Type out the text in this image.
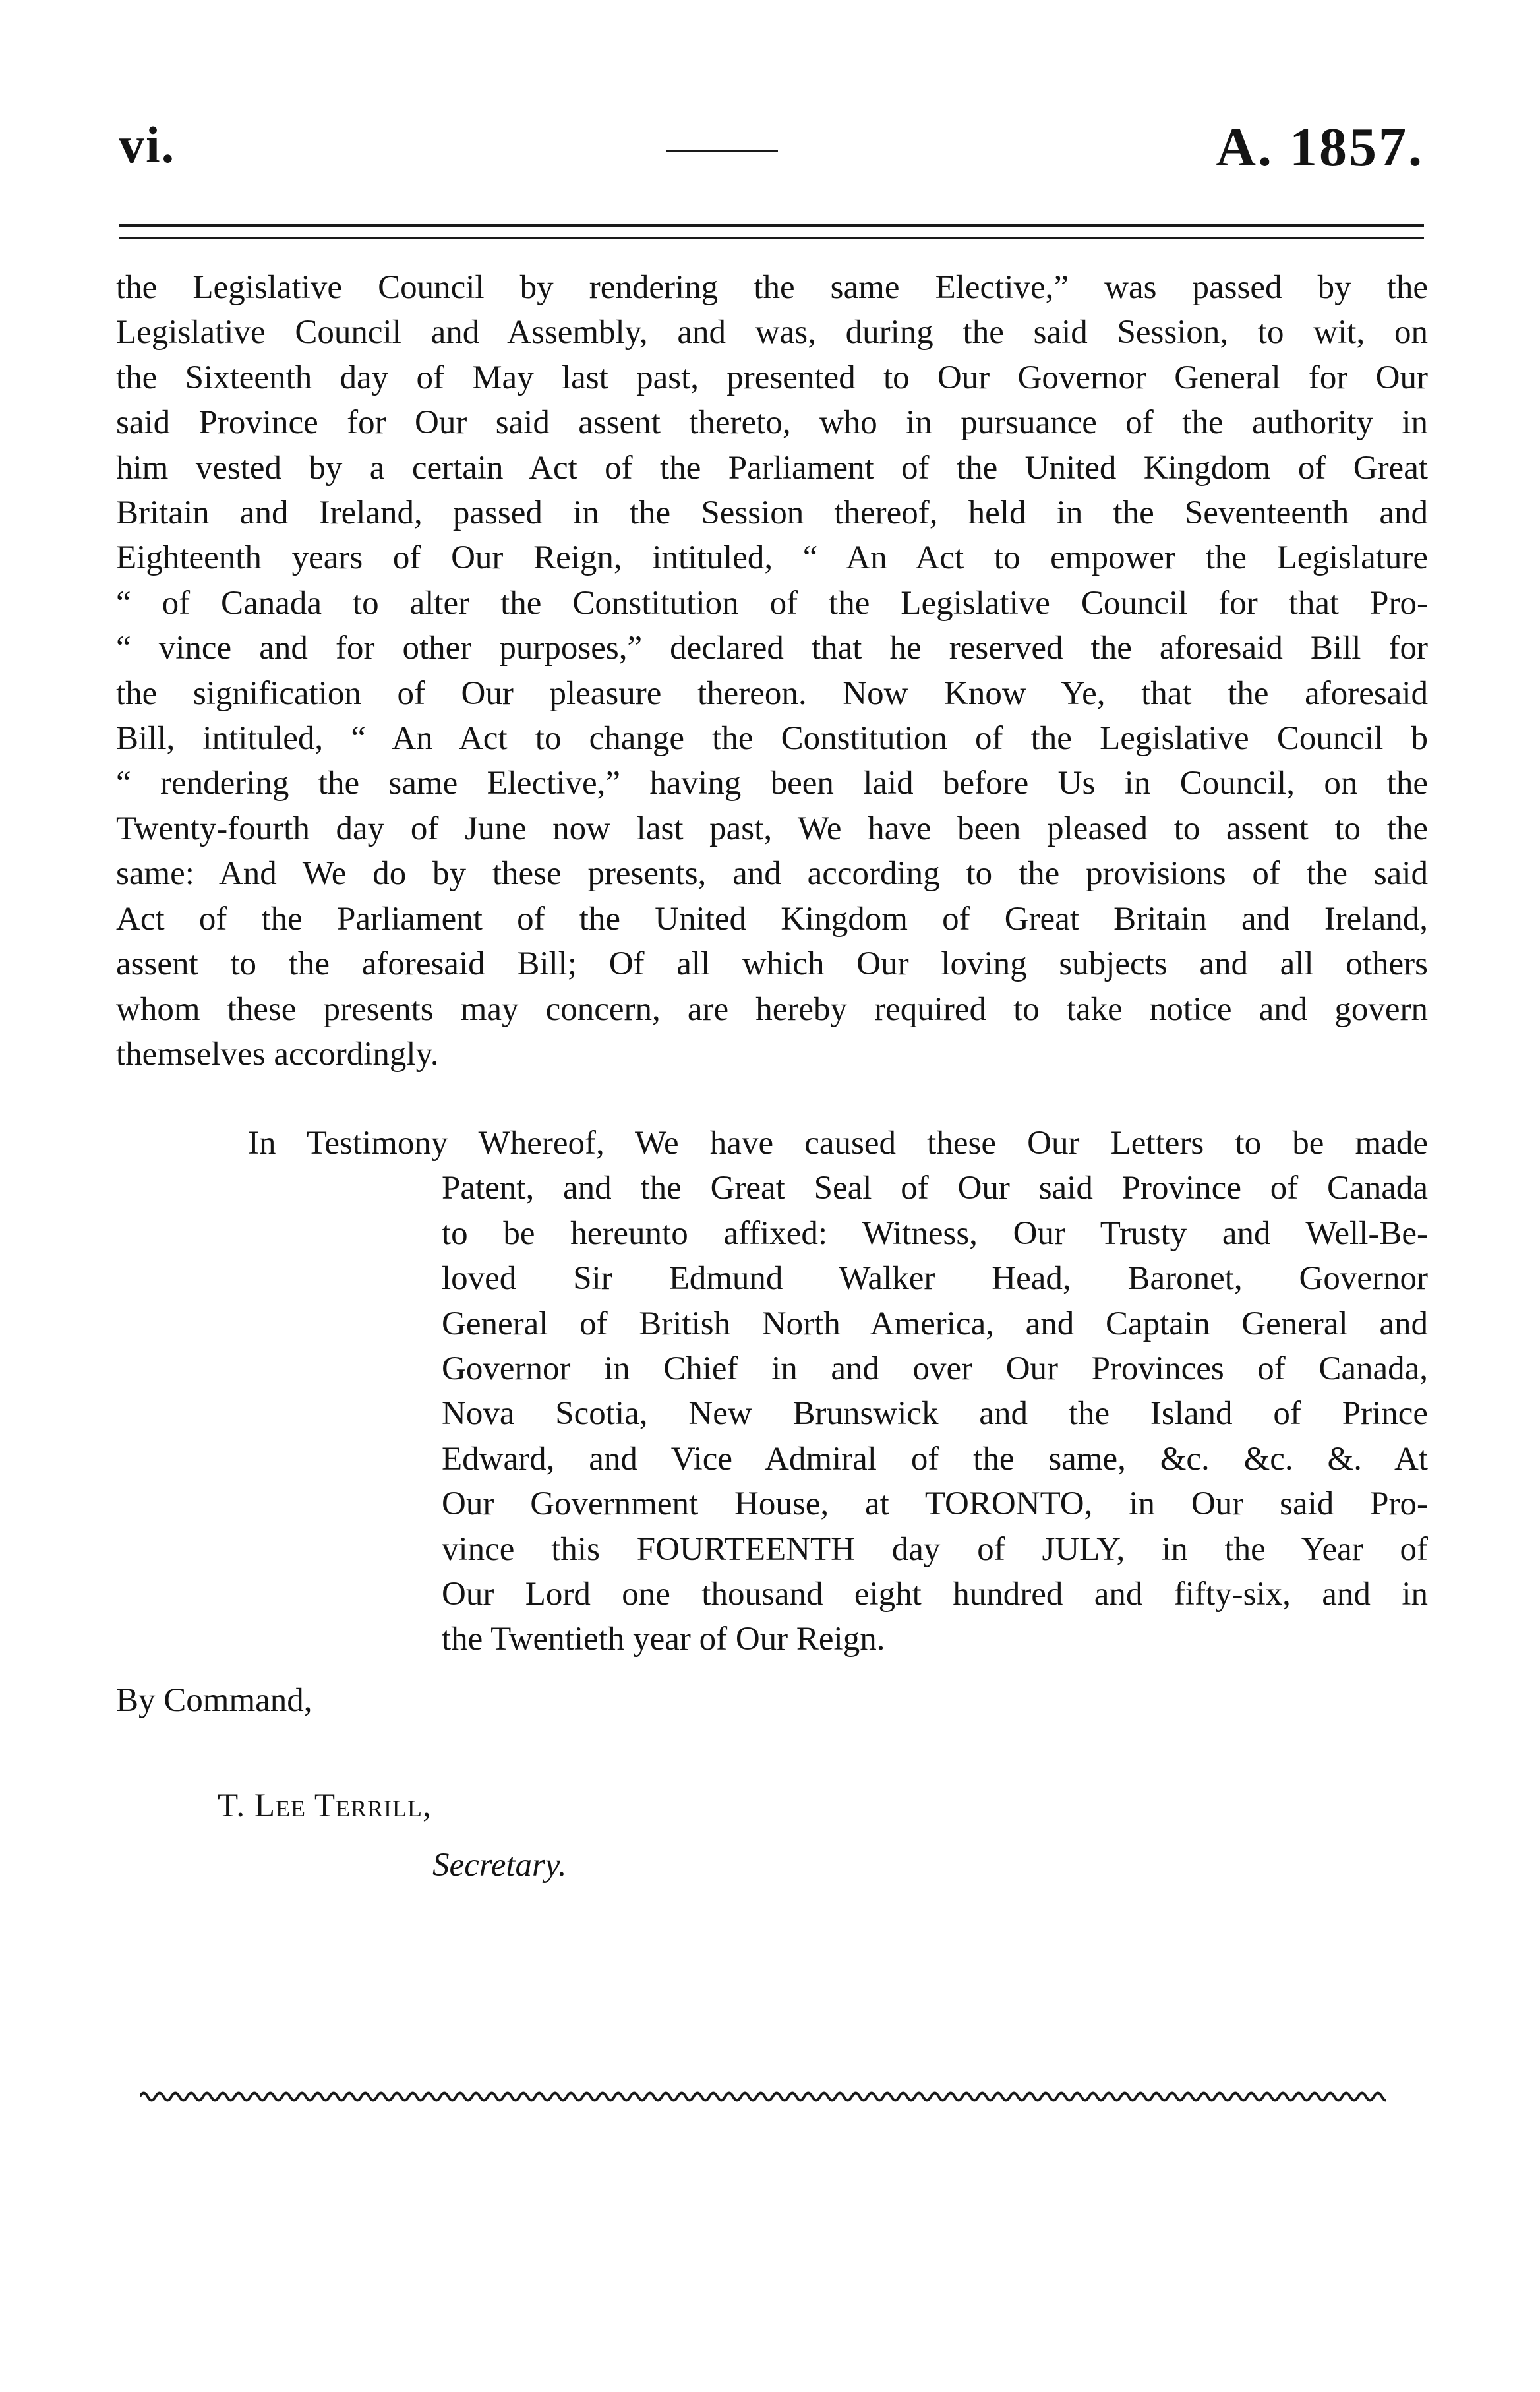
vi.	A. 1857.

the Legislative Council by rendering the same Elective,” was passed by the
Legislative Council and Assembly, and was, during the said Session, to wit, on
the Sixteenth day of May last past, presented to Our Governor General for Our
said Province for Our said assent thereto, who in pursuance of the authority in
him vested by a certain Act of the Parliament of the United Kingdom of Great
Britain and Ireland, passed in the Session thereof, held in the Seventeenth and
Eighteenth years of Our Reign, intituled, “ An Act to empower the Legislature
“ of Canada to alter the Constitution of the Legislative Council for that Pro-
“ vince and for other purposes,” declared that he reserved the aforesaid Bill for
the signification of Our pleasure thereon. Now Know Ye, that the aforesaid
Bill, intituled, “ An Act to change the Constitution of the Legislative Council b
“ rendering the same Elective,” having been laid before Us in Council, on the
Twenty-fourth day of June now last past, We have been pleased to assent to the
same: And We do by these presents, and according to the provisions of the said
Act of the Parliament of the United Kingdom of Great Britain and Ireland,
assent to the aforesaid Bill; Of all which Our loving subjects and all others
whom these presents may concern, are hereby required to take notice and govern
themselves accordingly.

In Testimony Whereof, We have caused these Our Letters to be made
Patent, and the Great Seal of Our said Province of Canada
to be hereunto affixed: Witness, Our Trusty and Well-Be-
loved Sir Edmund Walker Head, Baronet, Governor
General of British North America, and Captain General and
Governor in Chief in and over Our Provinces of Canada,
Nova Scotia, New Brunswick and the Island of Prince
Edward, and Vice Admiral of the same, &c. &c. &. At
Our Government House, at TORONTO, in Our said Pro-
vince this FOURTEENTH day of JULY, in the Year of
Our Lord one thousand eight hundred and fifty-six, and in
the Twentieth year of Our Reign.

By Command,
T. Lee Terrill,
Secretary.
